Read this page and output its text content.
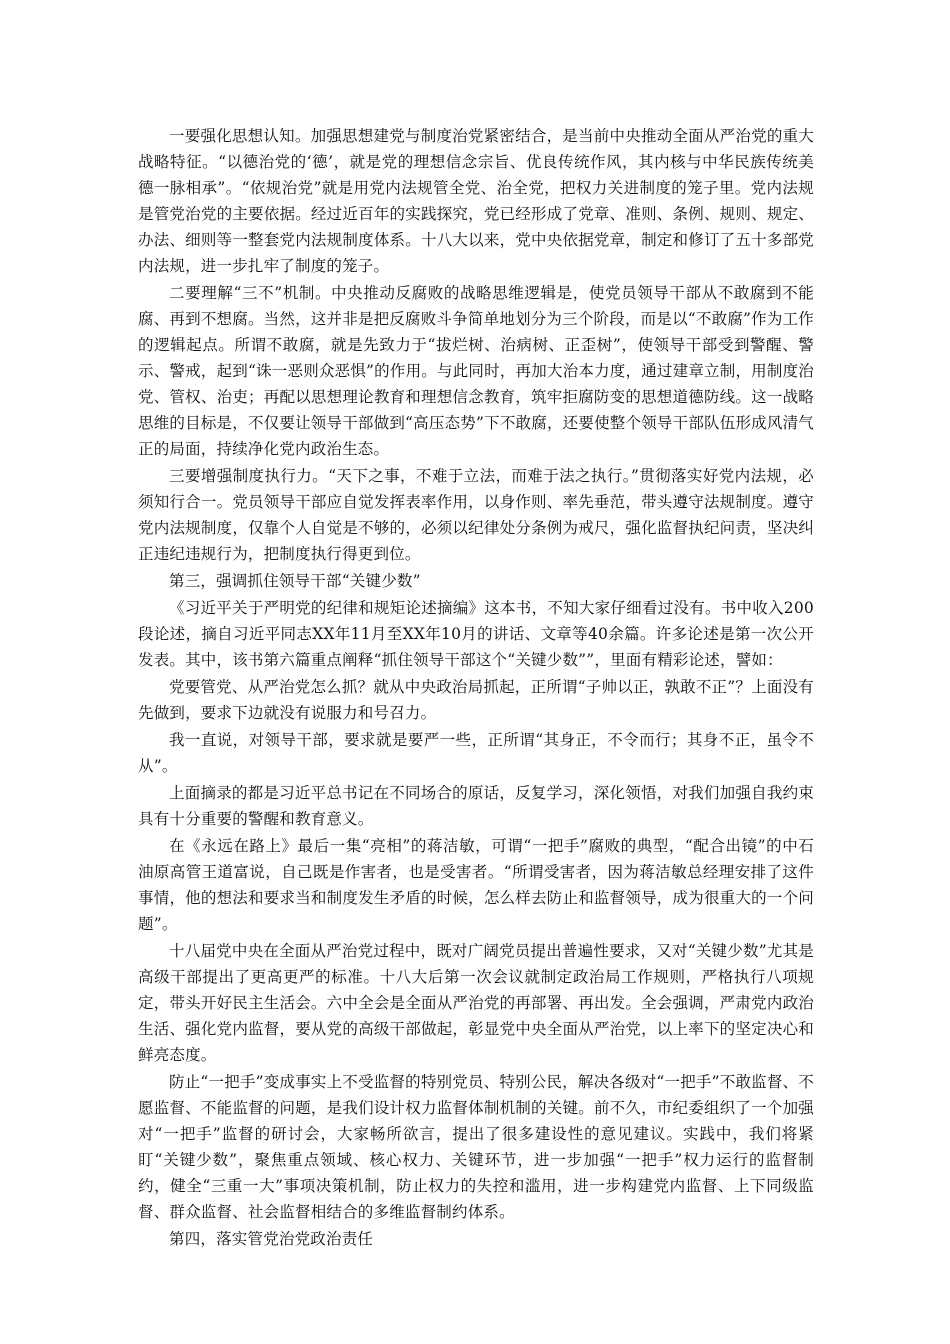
一要强化思想认知。加强思想建党与制度治党紧密结合，是当前中央推动全面从严治党的重大战略特征。“以德治党的‘德’，就是党的理想信念宗旨、优良传统作风，其内核与中华民族传统美德一脉相承”。“依规治党”就是用党内法规管全党、治全党，把权力关进制度的笼子里。党内法规是管党治党的主要依据。经过近百年的实践探究，党已经形成了党章、准则、条例、规则、规定、办法、细则等一整套党内法规制度体系。十八大以来，党中央依据党章，制定和修订了五十多部党内法规，进一步扎牢了制度的笼子。

二要理解“三不”机制。中央推动反腐败的战略思维逻辑是，使党员领导干部从不敢腐到不能腐、再到不想腐。当然，这并非是把反腐败斗争简单地划分为三个阶段，而是以“不敢腐”作为工作的逻辑起点。所谓不敢腐，就是先致力于“拔烂树、治病树、正歪树”，使领导干部受到警醒、警示、警戒，起到“诛一恶则众恶惧”的作用。与此同时，再加大治本力度，通过建章立制，用制度治党、管权、治吏；再配以思想理论教育和理想信念教育，筑牢拒腐防变的思想道德防线。这一战略思维的目标是，不仅要让领导干部做到“高压态势”下不敢腐，还要使整个领导干部队伍形成风清气正的局面，持续净化党内政治生态。

三要增强制度执行力。“天下之事，不难于立法，而难于法之执行。”贯彻落实好党内法规，必须知行合一。党员领导干部应自觉发挥表率作用，以身作则、率先垂范，带头遵守法规制度。遵守党内法规制度，仅靠个人自觉是不够的，必须以纪律处分条例为戒尺，强化监督执纪问责，坚决纠正违纪违规行为，把制度执行得更到位。

第三，强调抓住领导干部“关键少数”

《习近平关于严明党的纪律和规矩论述摘编》这本书，不知大家仔细看过没有。书中收入200段论述，摘自习近平同志XX年11月至XX年10月的讲话、文章等40余篇。许多论述是第一次公开发表。其中，该书第六篇重点阐释“抓住领导干部这个“关键少数””，里面有精彩论述，譬如：

党要管党、从严治党怎么抓？就从中央政治局抓起，正所谓“子帅以正，孰敢不正”？上面没有先做到，要求下边就没有说服力和号召力。

我一直说，对领导干部，要求就是要严一些，正所谓“其身正，不令而行；其身不正，虽令不从”。

上面摘录的都是习近平总书记在不同场合的原话，反复学习，深化领悟，对我们加强自我约束具有十分重要的警醒和教育意义。

在《永远在路上》最后一集“亮相”的蒋洁敏，可谓“一把手”腐败的典型，“配合出镜”的中石油原高管王道富说，自己既是作害者，也是受害者。“所谓受害者，因为蒋洁敏总经理安排了这件事情，他的想法和要求当和制度发生矛盾的时候，怎么样去防止和监督领导，成为很重大的一个问题”。

十八届党中央在全面从严治党过程中，既对广阔党员提出普遍性要求，又对“关键少数”尤其是高级干部提出了更高更严的标准。十八大后第一次会议就制定政治局工作规则，严格执行八项规定，带头开好民主生活会。六中全会是全面从严治党的再部署、再出发。全会强调，严肃党内政治生活、强化党内监督，要从党的高级干部做起，彰显党中央全面从严治党，以上率下的坚定决心和鲜亮态度。

防止“一把手”变成事实上不受监督的特别党员、特别公民，解决各级对“一把手”不敢监督、不愿监督、不能监督的问题，是我们设计权力监督体制机制的关键。前不久，市纪委组织了一个加强对“一把手”监督的研讨会，大家畅所欲言，提出了很多建设性的意见建议。实践中，我们将紧盯“关键少数”，聚焦重点领域、核心权力、关键环节，进一步加强“一把手”权力运行的监督制约，健全“三重一大”事项决策机制，防止权力的失控和滥用，进一步构建党内监督、上下同级监督、群众监督、社会监督相结合的多维监督制约体系。

第四，落实管党治党政治责任
